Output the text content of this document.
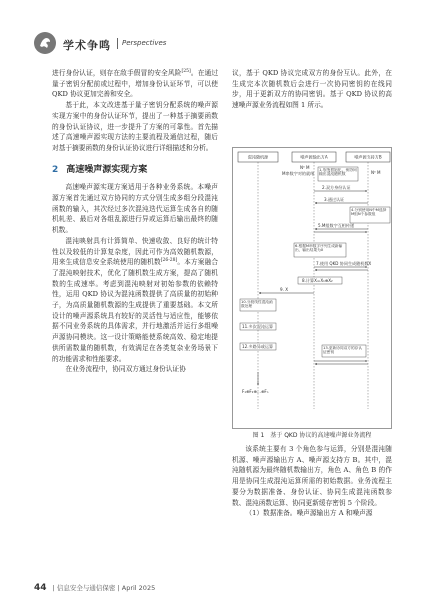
学术争鸣 Perspectives

进行身份认证，则存在敌手假冒的安全风险[25]。在通过量子密钥分配前或过程中，增加身份认证环节，可以使 QKD 协议更加完善和安全。

基于此，本文改进基于量子密钥分配系统的噪声源实现方案中的身份认证环节，提出了一种基于摘要函数的身份认证协议，进一步提升了方案的可靠性。首先描述了高速噪声源实现方法的主要流程及通信过程，随后对基于摘要函数的身份认证协议进行详细描述和分析。

2 高速噪声源实现方案

高速噪声源实现方案适用于各种业务系统。本噪声源方案首先通过双方协同的方式分别生成多组分段混沌函数的输入，其次经过多次混沌迭代运算生成各自的随机轧差、最后对各组乱源进行异或运算后输出最终的随机数。

混沌映射具有计算简单、快速收敛、良好的统计特性以及较低的计算复杂度，因此可作为高效随机数源，用来生成信息安全系统使用的随机数[26-28]。本方案融合了混沌映射技术，优化了随机数生成方案，提高了随机数的生成速率。考虑到混沌映射对初始参数的依赖特性，运用 QKD 协议为混沌函数提供了高质量的初始种子，为高质量随机数源的生成提供了重要基础。本文所设计的噪声源系统具有较好的灵活性与适应性，能够依据不同业务系统的具体需求，并行地激活并运行多组噪声源协同模块。这一设计策略能使系统高效、稳定地提供所需数量的随机数，有效满足在各类复杂业务场景下的功能需求和性能要求。

在业务流程中，协同双方通过身份认证协

议，基于 QKD 协议完成双方的身份互认。此外，在生成完本次随机数后会进行一次协同密钥的在线同步，用于更新双方的协同密钥。基于 QKD 协议的高速噪声源业务流程如图 1 所示。

混沌随机源	噪声源输出方A	噪声源支持方B
N⁰ M
M串数字对的就绪	N⁰ M
1.系统初始化，预协同输出混沌随机数
2.双方身份认证
3.通过认证
4.分别使用N中M选择M组N个参数组
5.M组数字互相传递
6.根据M串数字序列生成新输出，输出结果为X
7.使用 QKD 协同生成随机数X
8.计算X=X₁⊕X₂
9. X
10.分段线性混沌函数处理
11.多次混沌运算
12.多路异或运算	13.更新协同双方的存认证密钥
F₁⊕F₂⊕…⊕Fₙ
图 1　基于 QKD 协议的高速噪声源业务流程

该系统主要有 3 个角色参与运算，分别是混沌随机源、噪声源输出方 A、噪声源支持方 B。其中，混沌随机源为最终随机数输出方，角色 A、角色 B 的作用是协同生成混沌运算所需的初始数据。业务流程主要分为数据准备、身份认证、协同生成混沌函数参数、混沌函数运算、协同更新缓存密钥 5 个阶段。

（1）数据准备。噪声源输出方 A 和噪声源

44 | 信息安全与通信保密 | April 2025
